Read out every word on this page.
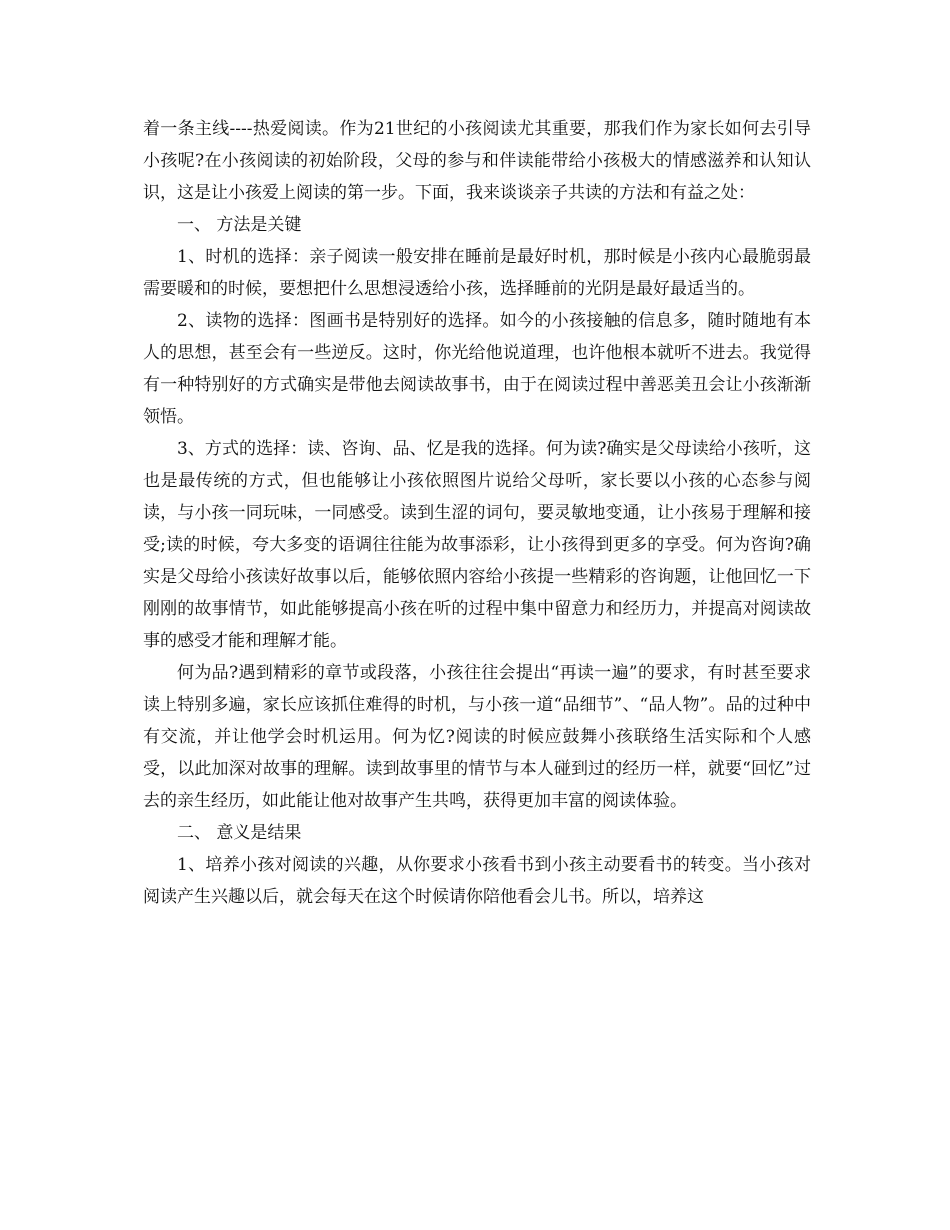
着一条主线----热爱阅读。作为21世纪的小孩阅读尤其重要，那我们作为家长如何去引导小孩呢?在小孩阅读的初始阶段，父母的参与和伴读能带给小孩极大的情感滋养和认知认识，这是让小孩爱上阅读的第一步。下面，我来谈谈亲子共读的方法和有益之处：

一、 方法是关键

1、时机的选择：亲子阅读一般安排在睡前是最好时机，那时候是小孩内心最脆弱最需要暖和的时候，要想把什么思想浸透给小孩，选择睡前的光阴是最好最适当的。

2、读物的选择：图画书是特别好的选择。如今的小孩接触的信息多，随时随地有本人的思想，甚至会有一些逆反。这时，你光给他说道理，也许他根本就听不进去。我觉得有一种特别好的方式确实是带他去阅读故事书，由于在阅读过程中善恶美丑会让小孩渐渐领悟。

3、方式的选择：读、咨询、品、忆是我的选择。何为读?确实是父母读给小孩听，这也是最传统的方式，但也能够让小孩依照图片说给父母听，家长要以小孩的心态参与阅读，与小孩一同玩味，一同感受。读到生涩的词句，要灵敏地变通，让小孩易于理解和接受;读的时候，夸大多变的语调往往能为故事添彩，让小孩得到更多的享受。何为咨询?确实是父母给小孩读好故事以后，能够依照内容给小孩提一些精彩的咨询题，让他回忆一下刚刚的故事情节，如此能够提高小孩在听的过程中集中留意力和经历力，并提高对阅读故事的感受才能和理解才能。

何为品?遇到精彩的章节或段落，小孩往往会提出“再读一遍”的要求，有时甚至要求读上特别多遍，家长应该抓住难得的时机，与小孩一道“品细节”、“品人物”。品的过种中有交流，并让他学会时机运用。何为忆?阅读的时候应鼓舞小孩联络生活实际和个人感受，以此加深对故事的理解。读到故事里的情节与本人碰到过的经历一样，就要“回忆”过去的亲生经历，如此能让他对故事产生共鸣，获得更加丰富的阅读体验。

二、 意义是结果

1、培养小孩对阅读的兴趣，从你要求小孩看书到小孩主动要看书的转变。当小孩对阅读产生兴趣以后，就会每天在这个时候请你陪他看会儿书。所以，培养这
